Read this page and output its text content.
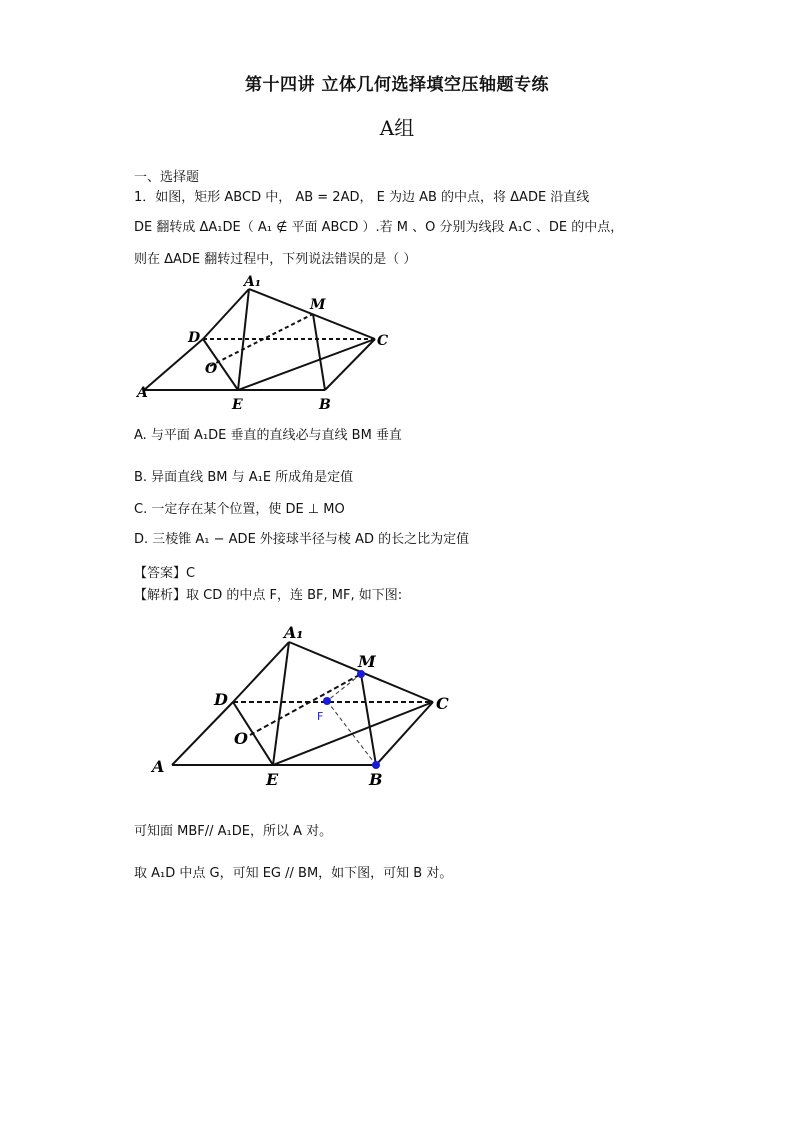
第十四讲 立体几何选择填空压轴题专练
A组
一、选择题
1．如图，矩形 ABCD 中， AB = 2AD， E 为边 AB 的中点，将 ΔADE 沿直线
DE 翻转成 ΔA₁DE（ A₁ ∉ 平面 ABCD ）.若 M 、O 分别为线段 A₁C 、DE 的中点，
则在 ΔADE 翻转过程中，下列说法错误的是（ ）
A₁
M
D	C
O
A
E	B
A. 与平面 A₁DE 垂直的直线必与直线 BM 垂直
B. 异面直线 BM 与 A₁E 所成角是定值
C. 一定存在某个位置，使 DE ⊥ MO
D. 三棱锥 A₁ − ADE 外接球半径与棱 AD 的长之比为定值
【答案】C
【解析】取 CD 的中点 F，连 BF, MF, 如下图:
A₁
M
D	C
F
O
A
E	B
可知面 MBF// A₁DE，所以 A 对。
取 A₁D 中点 G，可知 EG // BM，如下图，可知 B 对。
